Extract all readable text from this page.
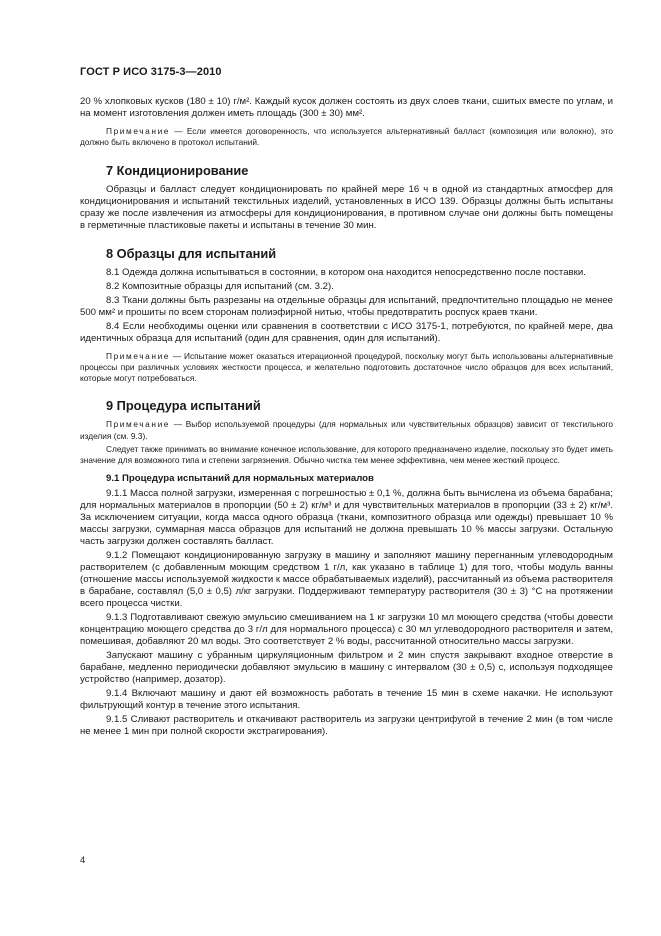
ГОСТ Р ИСО 3175-3—2010

20 % хлопковых кусков (180 ± 10) г/м². Каждый кусок должен состоять из двух слоев ткани, сшитых вместе по углам, и на момент изготовления должен иметь площадь (300 ± 30) мм².

Примечание — Если имеется договоренность, что используется альтернативный балласт (композиция или волокно), это должно быть включено в протокол испытаний.

7 Кондиционирование

Образцы и балласт следует кондиционировать по крайней мере 16 ч в одной из стандартных атмосфер для кондиционирования и испытаний текстильных изделий, установленных в ИСО 139. Образцы должны быть испытаны сразу же после извлечения из атмосферы для кондиционирования, в противном случае они должны быть помещены в герметичные пластиковые пакеты и испытаны в течение 30 мин.

8 Образцы для испытаний

8.1 Одежда должна испытываться в состоянии, в котором она находится непосредственно после поставки.

8.2 Композитные образцы для испытаний (см. 3.2).

8.3 Ткани должны быть разрезаны на отдельные образцы для испытаний, предпочтительно площадью не менее 500 мм² и прошиты по всем сторонам полиэфирной нитью, чтобы предотвратить роспуск краев ткани.

8.4 Если необходимы оценки или сравнения в соответствии с ИСО 3175-1, потребуются, по крайней мере, два идентичных образца для испытаний (один для сравнения, один для испытаний).

Примечание — Испытание может оказаться итерационной процедурой, поскольку могут быть использованы альтернативные процессы при различных условиях жесткости процесса, и желательно подготовить достаточное число образцов для всех испытаний, которые могут потребоваться.

9 Процедура испытаний

Примечание — Выбор используемой процедуры (для нормальных или чувствительных образцов) зависит от текстильного изделия (см. 9.3).

Следует также принимать во внимание конечное использование, для которого предназначено изделие, поскольку это будет иметь значение для возможного типа и степени загрязнения. Обычно чистка тем менее эффективна, чем менее жесткий процесс.

9.1 Процедура испытаний для нормальных материалов

9.1.1 Масса полной загрузки, измеренная с погрешностью ± 0,1 %, должна быть вычислена из объема барабана; для нормальных материалов в пропорции (50 ± 2) кг/м³ и для чувствительных материалов в пропорции (33 ± 2) кг/м³. За исключением ситуации, когда масса одного образца (ткани, композитного образца или одежды) превышает 10 % массы загрузки, суммарная масса образцов для испытаний не должна превышать 10 % массы загрузки. Остальную часть загрузки должен составлять балласт.

9.1.2 Помещают кондиционированную загрузку в машину и заполняют машину перегнанным углеводородным растворителем (с добавленным моющим средством 1 г/л, как указано в таблице 1) для того, чтобы модуль ванны (отношение массы используемой жидкости к массе обрабатываемых изделий), рассчитанный из объема растворителя в барабане, составлял (5,0 ± 0,5) л/кг загрузки. Поддерживают температуру растворителя (30 ± 3) °С на протяжении всего процесса чистки.

9.1.3 Подготавливают свежую эмульсию смешиванием на 1 кг загрузки 10 мл моющего средства (чтобы довести концентрацию моющего средства до 3 г/л для нормального процесса) с 30 мл углеводородного растворителя и затем, помешивая, добавляют 20 мл воды. Это соответствует 2 % воды, рассчитанной относительно массы загрузки.

Запускают машину с убранным циркуляционным фильтром и 2 мин спустя закрывают входное отверстие в барабане, медленно периодически добавляют эмульсию в машину с интервалом (30 ± 0,5) с, используя подходящее устройство (например, дозатор).

9.1.4 Включают машину и дают ей возможность работать в течение 15 мин в схеме накачки. Не используют фильтрующий контур в течение этого испытания.

9.1.5 Сливают растворитель и откачивают растворитель из загрузки центрифугой в течение 2 мин (в том числе не менее 1 мин при полной скорости экстрагирования).

4
